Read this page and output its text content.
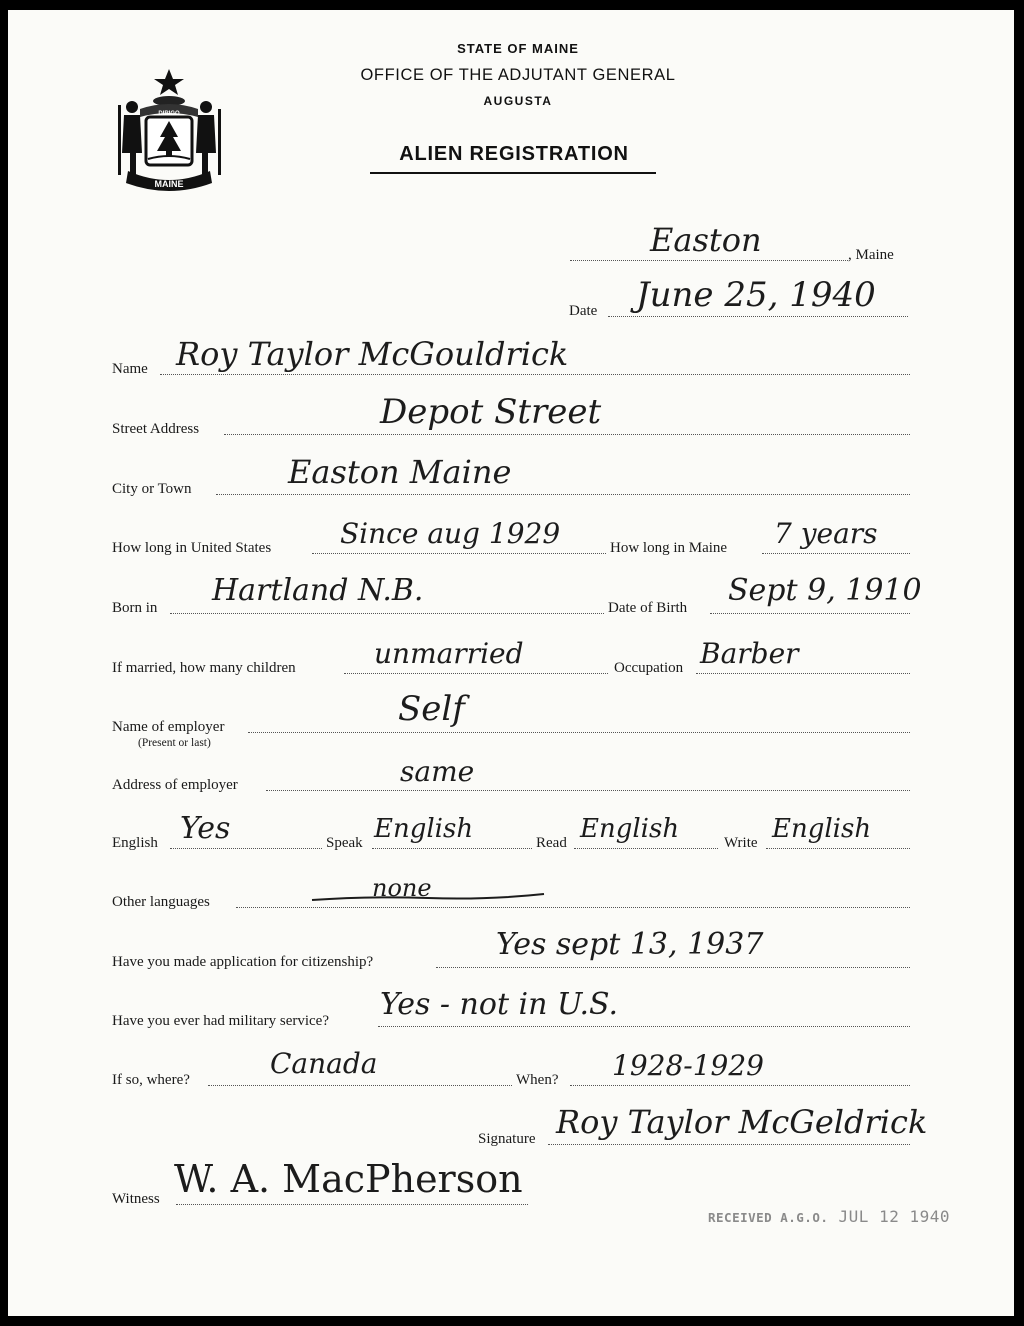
MAINE
DIRIGO
STATE OF MAINE
OFFICE OF THE ADJUTANT GENERAL
AUGUSTA
ALIEN REGISTRATION
, Maine
Easton
Date June 25, 1940
Name Roy Taylor McGouldrick
Street Address	Depot Street
City or Town	Easton Maine
How long in United States Since aug 1929	How long in Maine 7 years
Born in Hartland N.B.	Date of Birth Sept 9, 1910
If married, how many children	unmarried	Occupation Barber
Name of employer
(Present or last)
Self
Address of employer	same
English Yes	Speak English	Read English	Write English
Other languages	none
Have you made application for citizenship?	Yes sept 13, 1937
Have you ever had military service? Yes - not in U.S.
If so, where?	Canada	When? 1928-1929
Signature Roy Taylor McGeldrick
Witness W. A. MacPherson
RECEIVED A.G.O. JUL 12 1940
